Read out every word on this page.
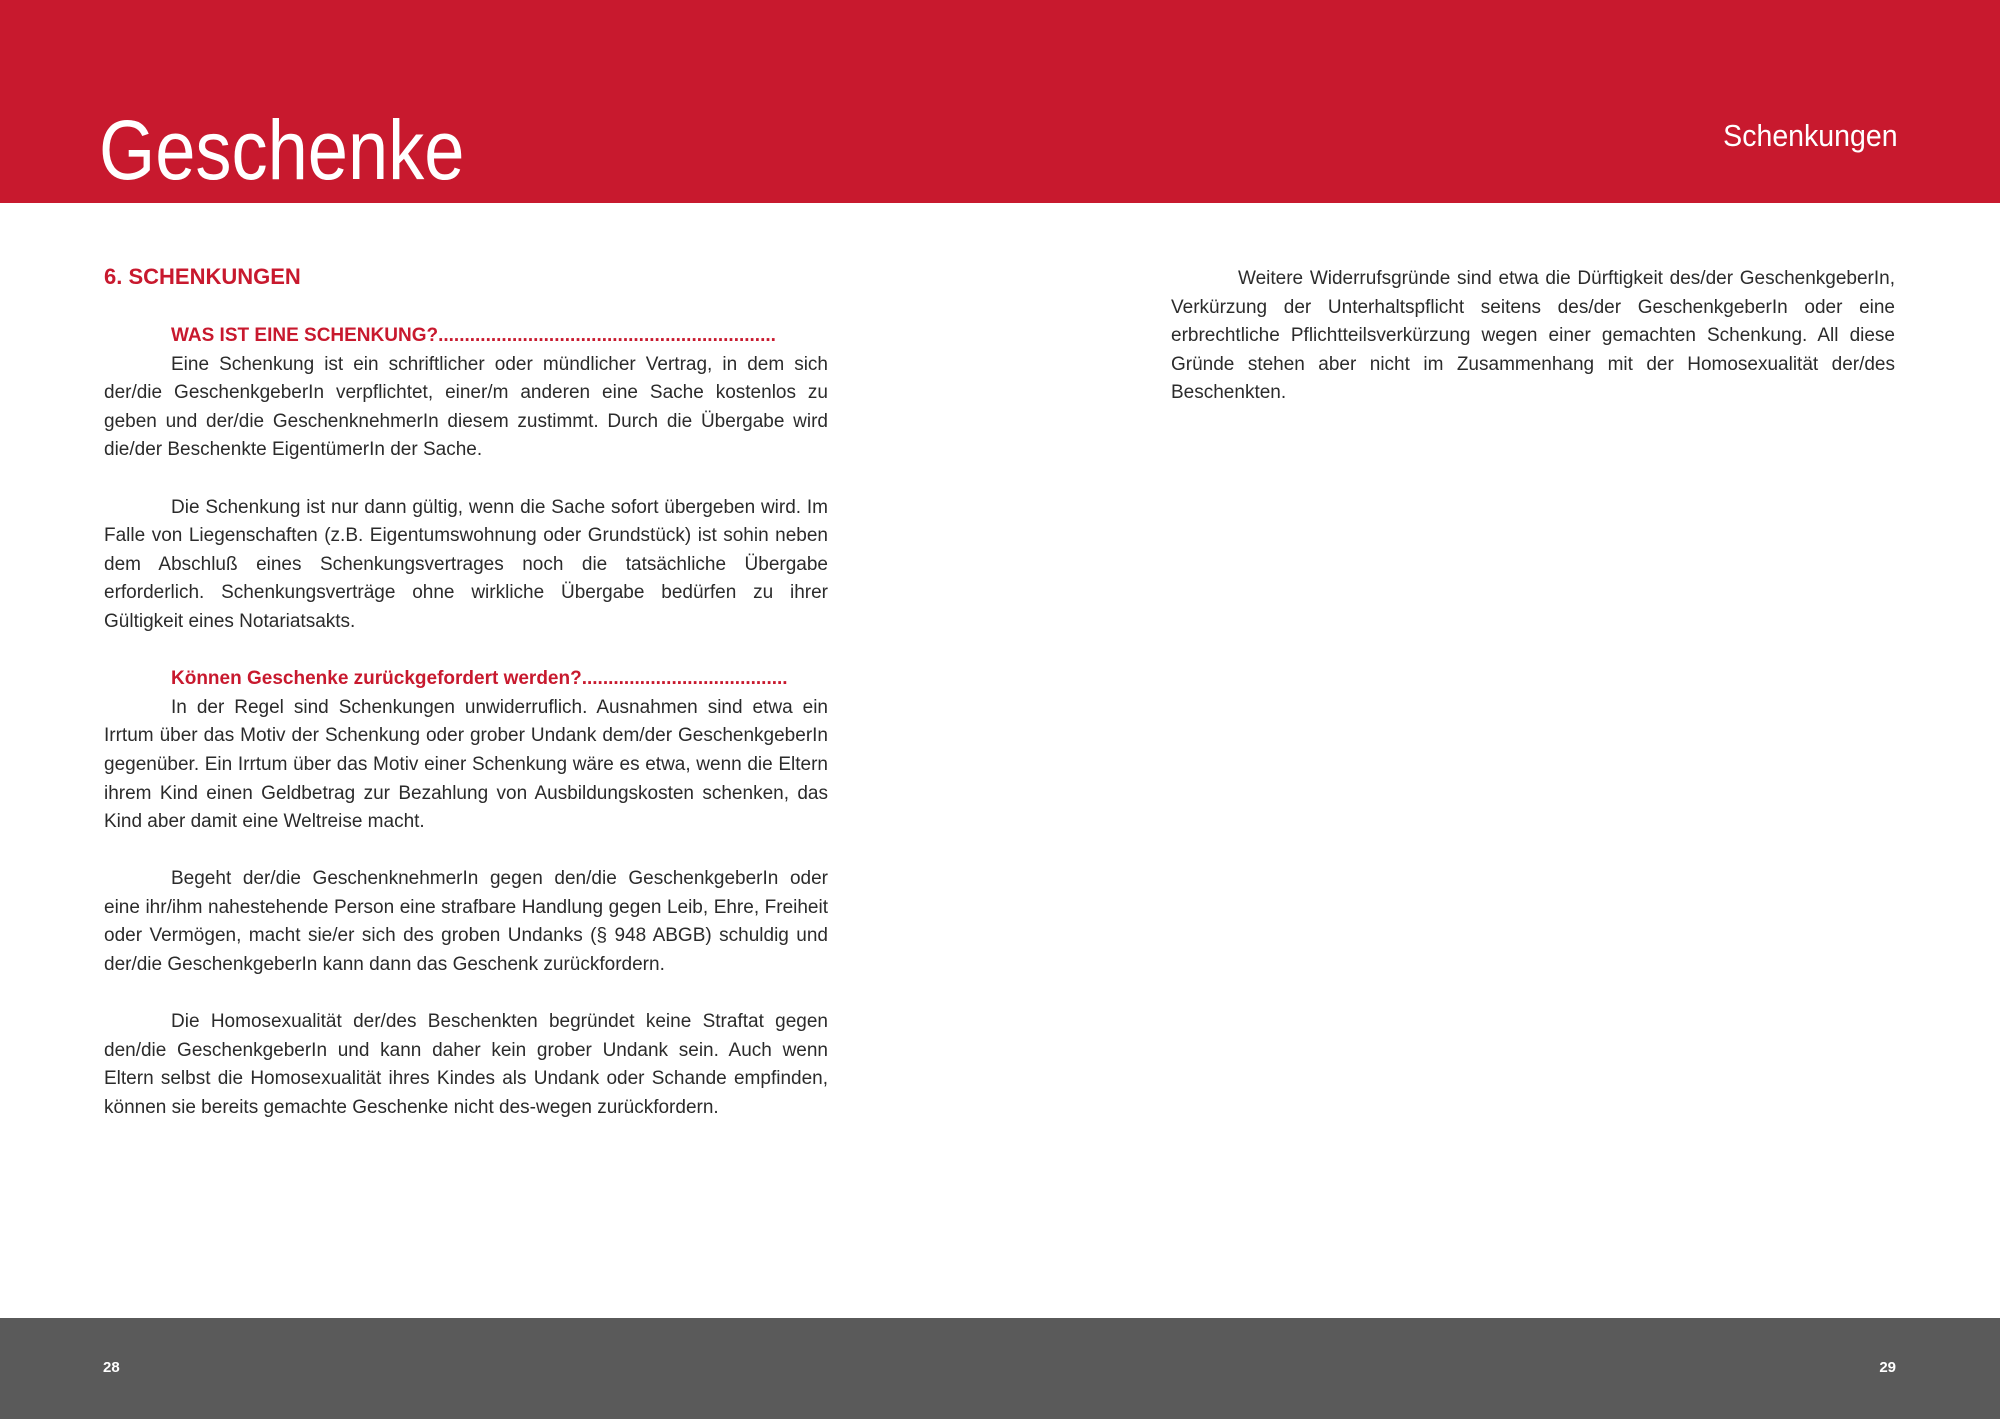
Geschenke	Schenkungen
6. SCHENKUNGEN
WAS IST EINE SCHENKUNG?................................................................

Eine Schenkung ist ein schriftlicher oder mündlicher Vertrag, in dem sich der/die GeschenkgeberIn verpflichtet, einer/m anderen eine Sache kostenlos zu geben und der/die GeschenknehmerIn diesem zustimmt. Durch die Übergabe wird die/der Beschenkte EigentümerIn der Sache.

Die Schenkung ist nur dann gültig, wenn die Sache sofort übergeben wird. Im Falle von Liegenschaften (z.B. Eigentumswohnung oder Grundstück) ist sohin neben dem Abschluß eines Schenkungsvertrages noch die tatsächliche Übergabe erforderlich. Schenkungsverträge ohne wirkliche Übergabe bedürfen zu ihrer Gültigkeit eines Notariatsakts.

Können Geschenke zurückgefordert werden?.......................................

In der Regel sind Schenkungen unwiderruflich. Ausnahmen sind etwa ein Irrtum über das Motiv der Schenkung oder grober Undank dem/der GeschenkgeberIn gegenüber. Ein Irrtum über das Motiv einer Schenkung wäre es etwa, wenn die Eltern ihrem Kind einen Geldbetrag zur Bezahlung von Ausbildungskosten schenken, das Kind aber damit eine Weltreise macht.

Begeht der/die GeschenknehmerIn gegen den/die GeschenkgeberIn oder eine ihr/ihm nahestehende Person eine strafbare Handlung gegen Leib, Ehre, Freiheit oder Vermögen, macht sie/er sich des groben Undanks (§ 948 ABGB) schuldig und der/die GeschenkgeberIn kann dann das Geschenk zurückfordern.

Die Homosexualität der/des Beschenkten begründet keine Straftat gegen den/die GeschenkgeberIn und kann daher kein grober Undank sein. Auch wenn Eltern selbst die Homosexualität ihres Kindes als Undank oder Schande empfinden, können sie bereits gemachte Geschenke nicht des-wegen zurückfordern.

Weitere Widerrufsgründe sind etwa die Dürftigkeit des/der GeschenkgeberIn, Verkürzung der Unterhaltspflicht seitens des/der GeschenkgeberIn oder eine erbrechtliche Pflichtteilsverkürzung wegen einer gemachten Schenkung. All diese Gründe stehen aber nicht im Zusammenhang mit der Homosexualität der/des Beschenkten.

28	29
